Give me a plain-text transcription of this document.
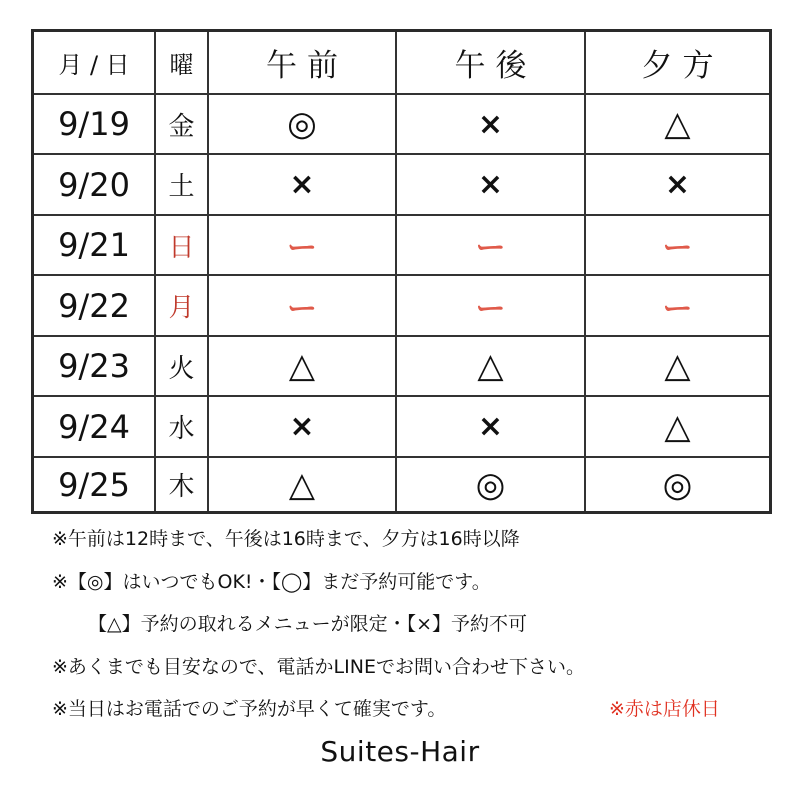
月 / 日	曜	午前	午後	夕方
9/19	金	◎	×	△
9/20	土	×	×	×
9/21	日	ー	ー	ー
9/22	月	ー	ー	ー
9/23	火	△	△	△
9/24	水	×	×	△
9/25	木	△	◎	◎
※午前は12時まで、午後は16時まで、夕方は16時以降
※【◎】はいつでもOK!・【◯】まだ予約可能です。
【△】予約の取れるメニューが限定・【×】予約不可
※あくまでも目安なので、電話かLINEでお問い合わせ下さい。
※当日はお電話でのご予約が早くて確実です。	※赤は店休日
Suites-Hair
